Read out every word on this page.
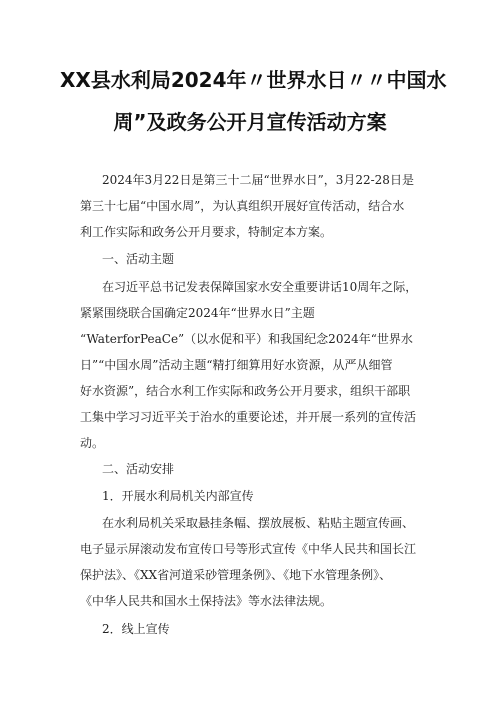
XX县水利局2024年〃世界水日〃〃中国水
周”及政务公开月宣传活动方案
2024年3月22日是第三十二届“世界水日”，3月22-28日是
第三十七届“中国水周”，为认真组织开展好宣传活动，结合水
利工作实际和政务公开月要求，特制定本方案。
一、活动主题
在习近平总书记发表保障国家水安全重要讲话10周年之际，
紧紧围绕联合国确定2024年“世界水日”主题
“WaterforPeaCe”（以水促和平）和我国纪念2024年“世界水
日”“中国水周”活动主题“精打细算用好水资源，从严从细管
好水资源”，结合水利工作实际和政务公开月要求，组织干部职
工集中学习习近平关于治水的重要论述，并开展一系列的宣传活
动。
二、活动安排
1．开展水利局机关内部宣传
在水利局机关采取悬挂条幅、摆放展板、粘贴主题宣传画、
电子显示屏滚动发布宣传口号等形式宣传《中华人民共和国长江
保护法》、《XX省河道采砂管理条例》、《地下水管理条例》、
《中华人民共和国水土保持法》等水法律法规。
2．线上宣传
